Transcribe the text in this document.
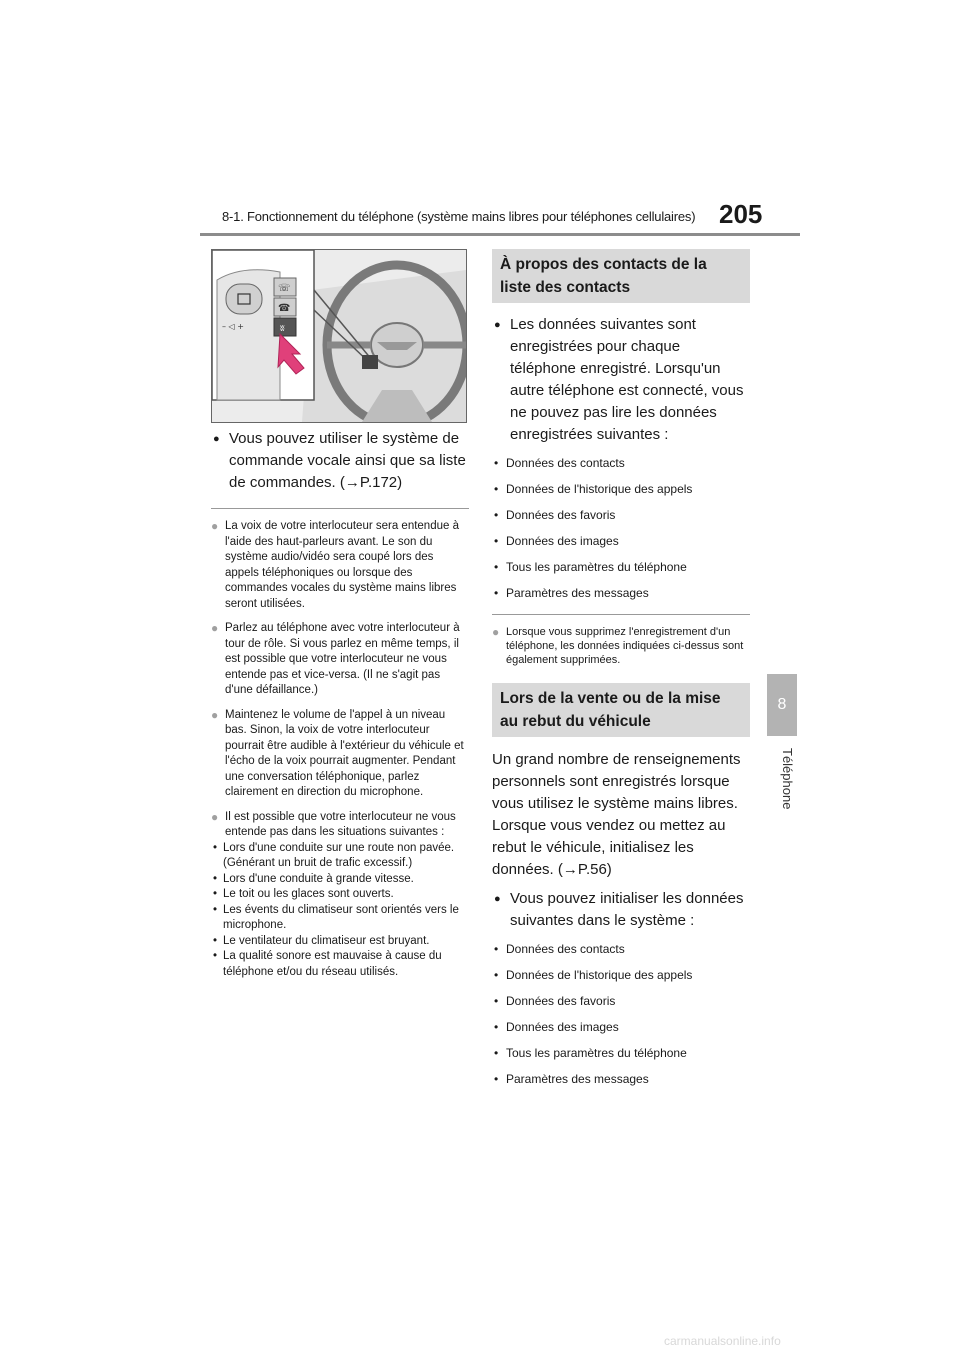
8-1. Fonctionnement du téléphone (système mains libres pour téléphones cellulaires) 205
8
Téléphone
– ◁ +
☏
☎
ʬ
● Vous pouvez utiliser le système de commande vocale ainsi que sa liste de commandes. (→P.172)
● La voix de votre interlocuteur sera entendue à l'aide des haut-parleurs avant. Le son du système audio/vidéo sera coupé lors des appels téléphoniques ou lorsque des commandes vocales du système mains libres seront utilisées.
● Parlez au téléphone avec votre interlocuteur à tour de rôle. Si vous parlez en même temps, il est possible que votre interlocuteur ne vous entende pas et vice-versa. (Il ne s'agit pas d'une défaillance.)
● Maintenez le volume de l'appel à un niveau bas. Sinon, la voix de votre interlocuteur pourrait être audible à l'extérieur du véhicule et l'écho de la voix pourrait augmenter. Pendant une conversation téléphonique, parlez clairement en direction du microphone.
● Il est possible que votre interlocuteur ne vous entende pas dans les situations suivantes :
• Lors d'une conduite sur une route non pavée. (Générant un bruit de trafic excessif.)
• Lors d'une conduite à grande vitesse.
• Le toit ou les glaces sont ouverts.
• Les évents du climatiseur sont orientés vers le microphone.
• Le ventilateur du climatiseur est bruyant.
• La qualité sonore est mauvaise à cause du téléphone et/ou du réseau utilisés.
À propos des contacts de la liste des contacts
● Les données suivantes sont enregistrées pour chaque téléphone enregistré. Lorsqu'un autre téléphone est connecté, vous ne pouvez pas lire les données enregistrées suivantes :
• Données des contacts
• Données de l'historique des appels
• Données des favoris
• Données des images
• Tous les paramètres du téléphone
• Paramètres des messages
● Lorsque vous supprimez l'enregistrement d'un téléphone, les données indiquées ci-dessus sont également supprimées.
Lors de la vente ou de la mise au rebut du véhicule
Un grand nombre de renseignements personnels sont enregistrés lorsque vous utilisez le système mains libres. Lorsque vous vendez ou mettez au rebut le véhicule, initialisez les données. (→P.56)
● Vous pouvez initialiser les données suivantes dans le système :
• Données des contacts
• Données de l'historique des appels
• Données des favoris
• Données des images
• Tous les paramètres du téléphone
• Paramètres des messages
carmanualsonline.info
